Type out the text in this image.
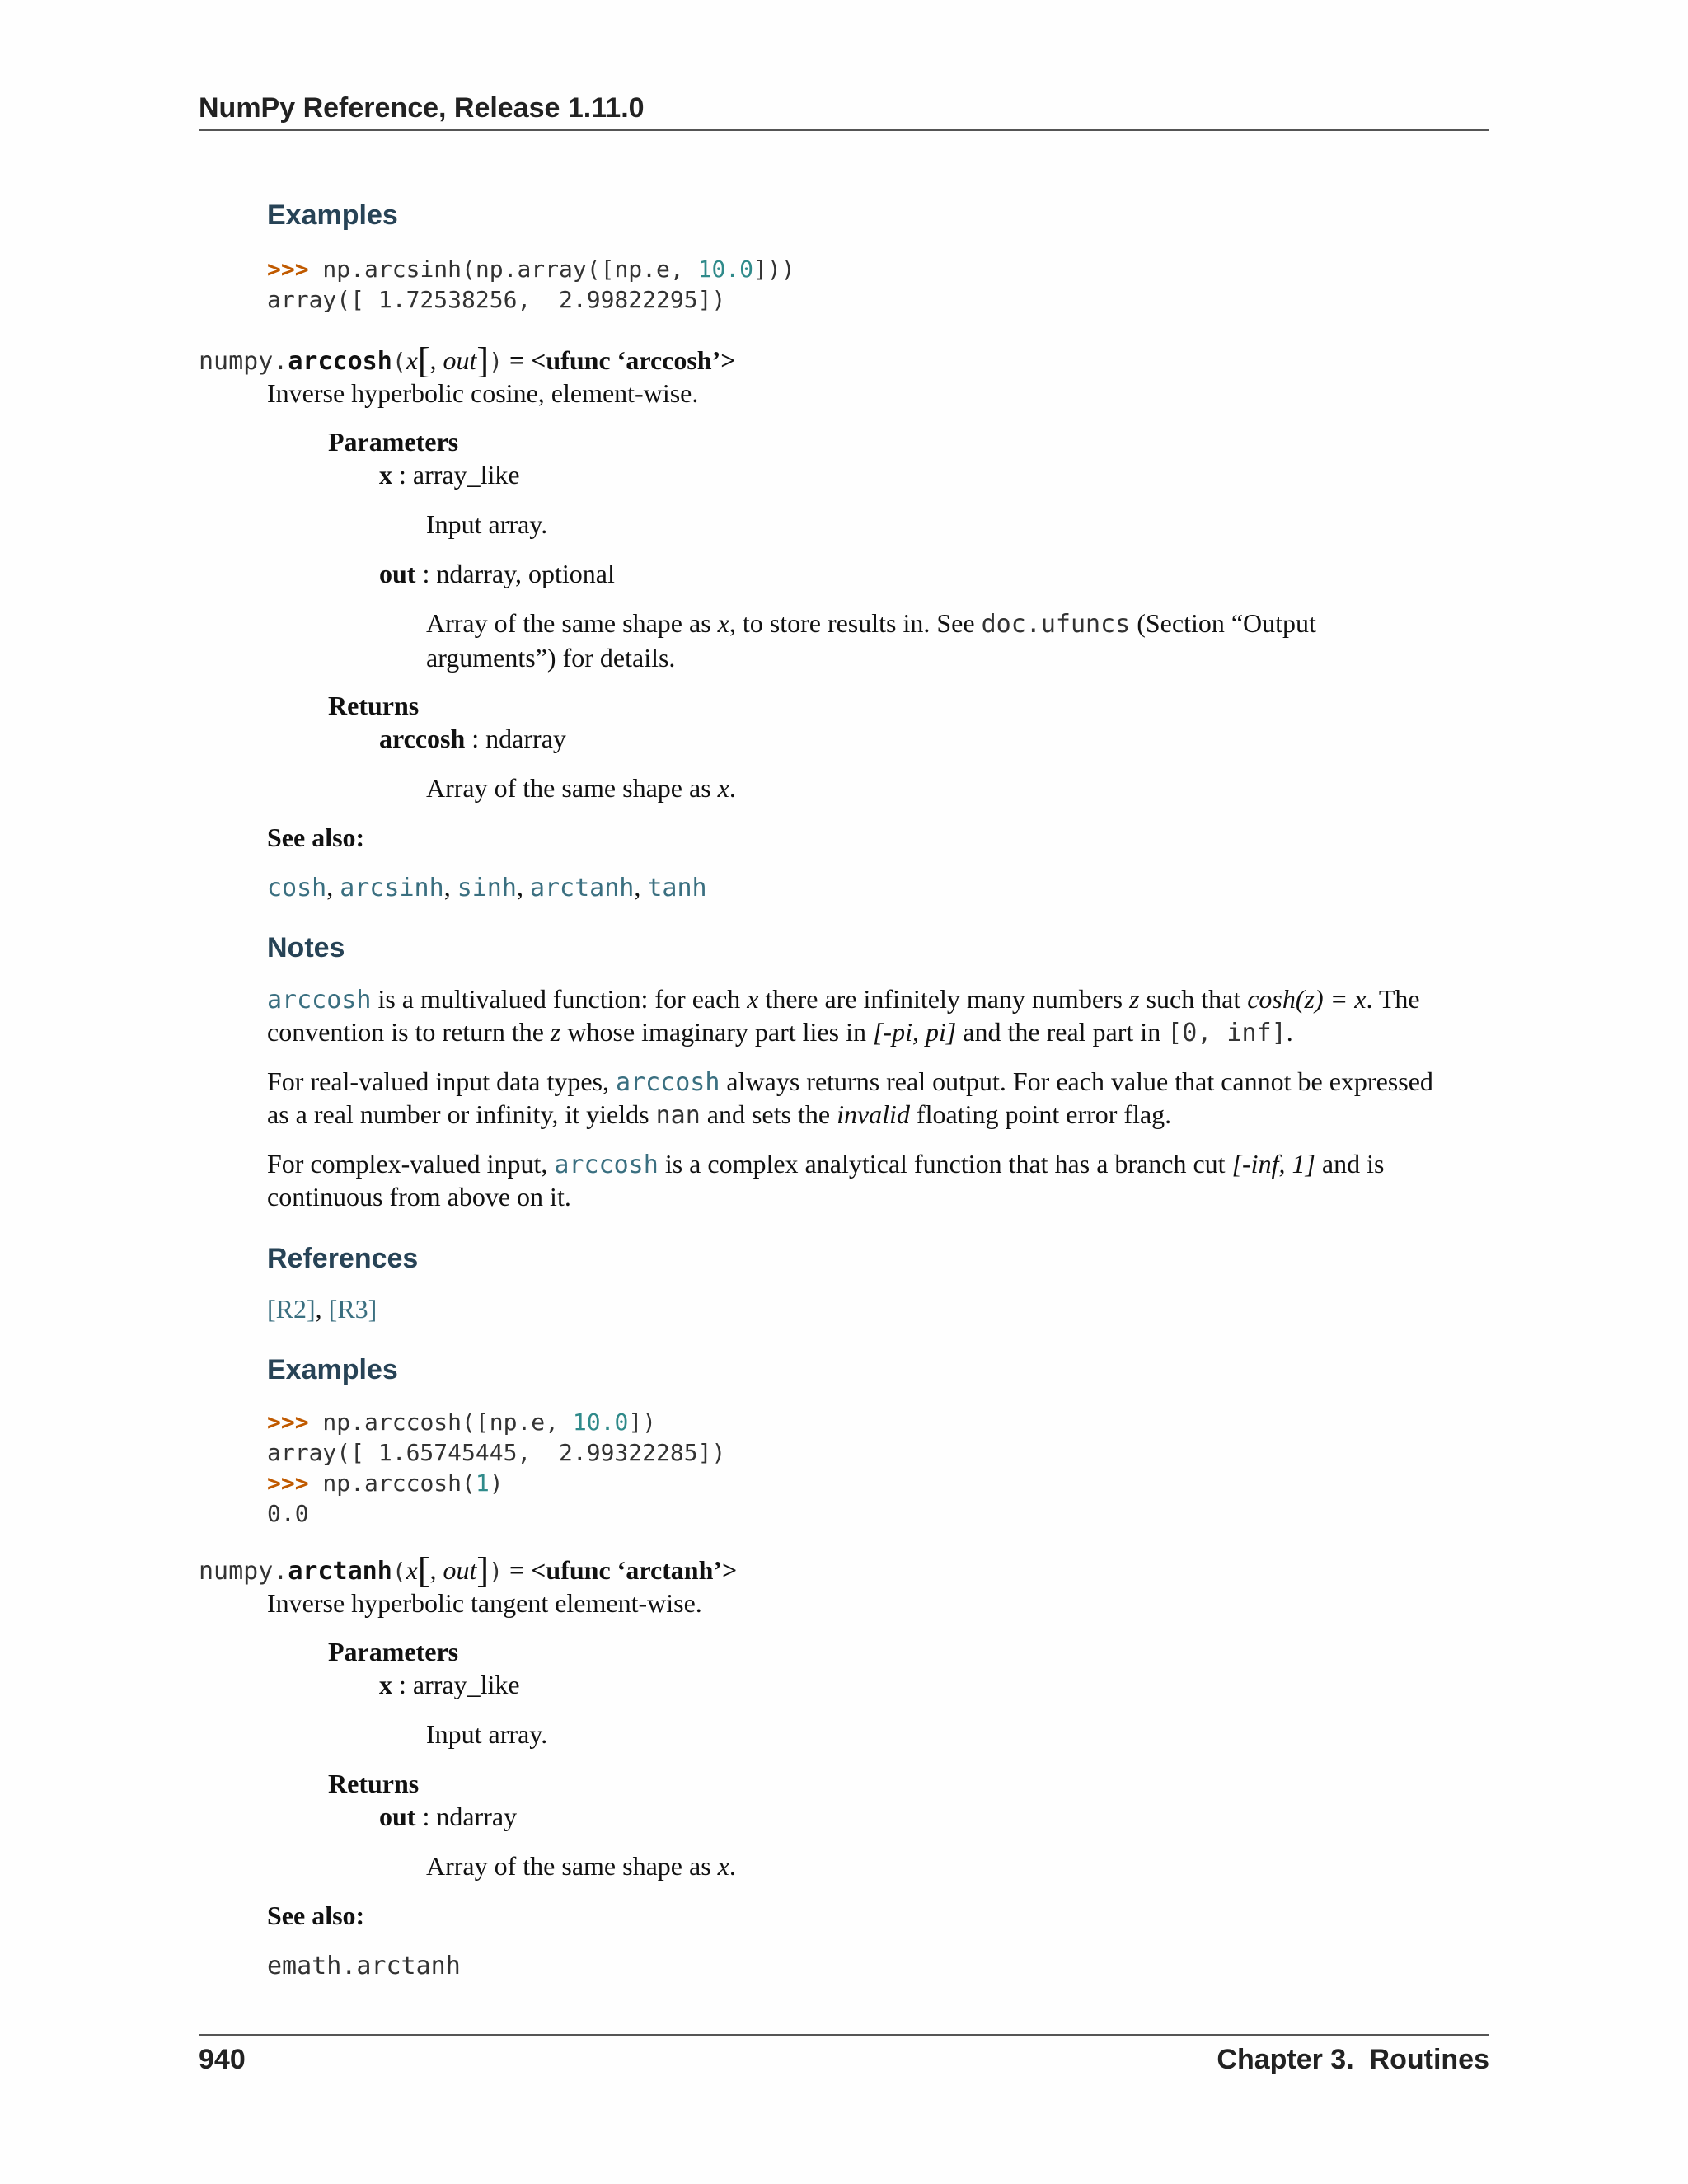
NumPy Reference, Release 1.11.0
Examples
>>> np.arcsinh(np.array([np.e, 10.0]))
array([ 1.72538256,  2.99822295])
numpy.arccosh(x[, out]) = <ufunc ‘arccosh’>
Inverse hyperbolic cosine, element-wise.
Parameters
x : array_like
Input array.
out : ndarray, optional
Array of the same shape as x, to store results in. See doc.ufuncs (Section “Output
arguments”) for details.
Returns
arccosh : ndarray
Array of the same shape as x.
See also:
cosh, arcsinh, sinh, arctanh, tanh
Notes
arccosh is a multivalued function: for each x there are infinitely many numbers z such that cosh(z) = x. The
convention is to return the z whose imaginary part lies in [-pi, pi] and the real part in [0, inf].
For real-valued input data types, arccosh always returns real output. For each value that cannot be expressed
as a real number or infinity, it yields nan and sets the invalid floating point error flag.
For complex-valued input, arccosh is a complex analytical function that has a branch cut [-inf, 1] and is
continuous from above on it.
References
[R2], [R3]
Examples
>>> np.arccosh([np.e, 10.0])
array([ 1.65745445,  2.99322285])
>>> np.arccosh(1)
0.0
numpy.arctanh(x[, out]) = <ufunc ‘arctanh’>
Inverse hyperbolic tangent element-wise.
Parameters
x : array_like
Input array.
Returns
out : ndarray
Array of the same shape as x.
See also:
emath.arctanh
940	Chapter 3.  Routines
